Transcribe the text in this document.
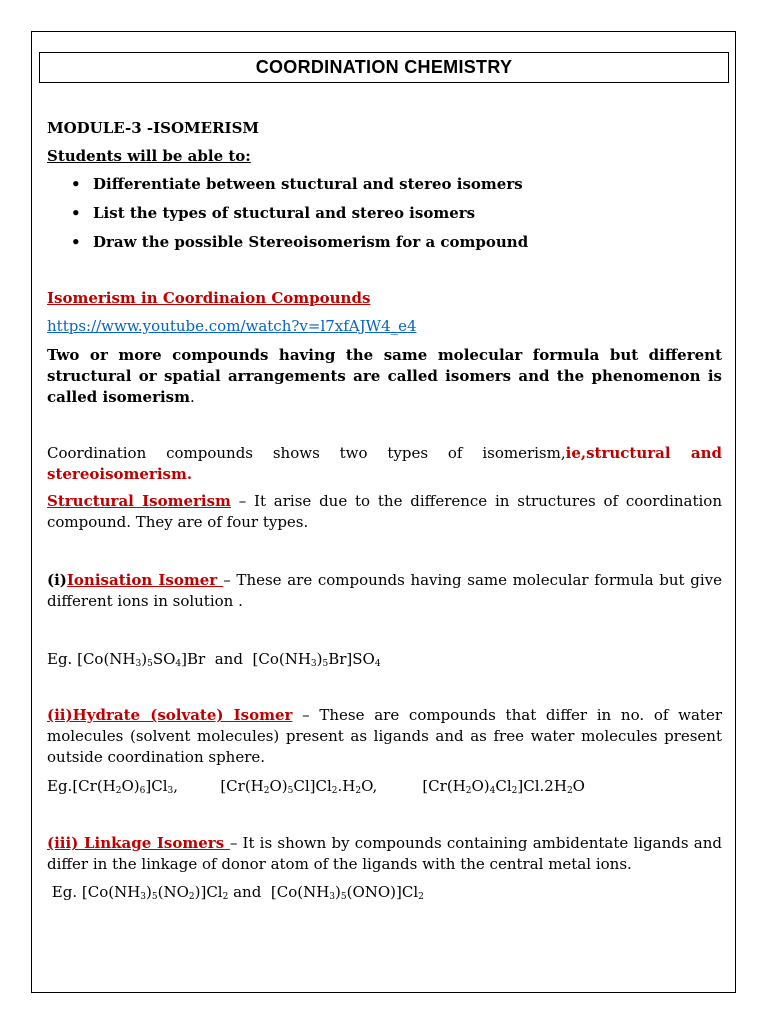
COORDINATION CHEMISTRY
MODULE-3 -ISOMERISM
Students will be able to:
• Differentiate between stuctural and stereo isomers
• List the types of stuctural and stereo isomers
• Draw the possible Stereoisomerism for a compound
Isomerism in Coordinaion Compounds
https://www.youtube.com/watch?v=l7xfAJW4_e4
Two or more compounds having the same molecular formula but different structural or spatial arrangements are called isomers and the phenomenon is called isomerism.
Coordination compounds shows two types of isomerism,ie,structural and stereoisomerism.
Structural Isomerism – It arise due to the difference in structures of coordination compound. They are of four types.
(i)Ionisation Isomer – These are compounds having same molecular formula but give different ions in solution .
Eg. $[Co(NH_3)_5SO_4]Br$  and  $[Co(NH_3)_5Br]SO_4$
(ii)Hydrate (solvate) Isomer – These are compounds that differ in no. of water molecules (solvent molecules) present as ligands and as free water molecules present outside coordination sphere.
$Eg.[Cr(H_2O)_6]Cl_3$,	$[Cr(H_2O)_5Cl]Cl_2.H_2O$,	$[Cr(H_2O)_4Cl_2]Cl.2H_2O$
(iii) Linkage Isomers – It is shown by compounds containing ambidentate ligands and differ in the linkage of donor atom of the ligands with the central metal ions.
Eg. $[Co(NH_3)_5(NO_2)]Cl_2$ and  $[Co(NH_3)_5(ONO)]Cl_2$
